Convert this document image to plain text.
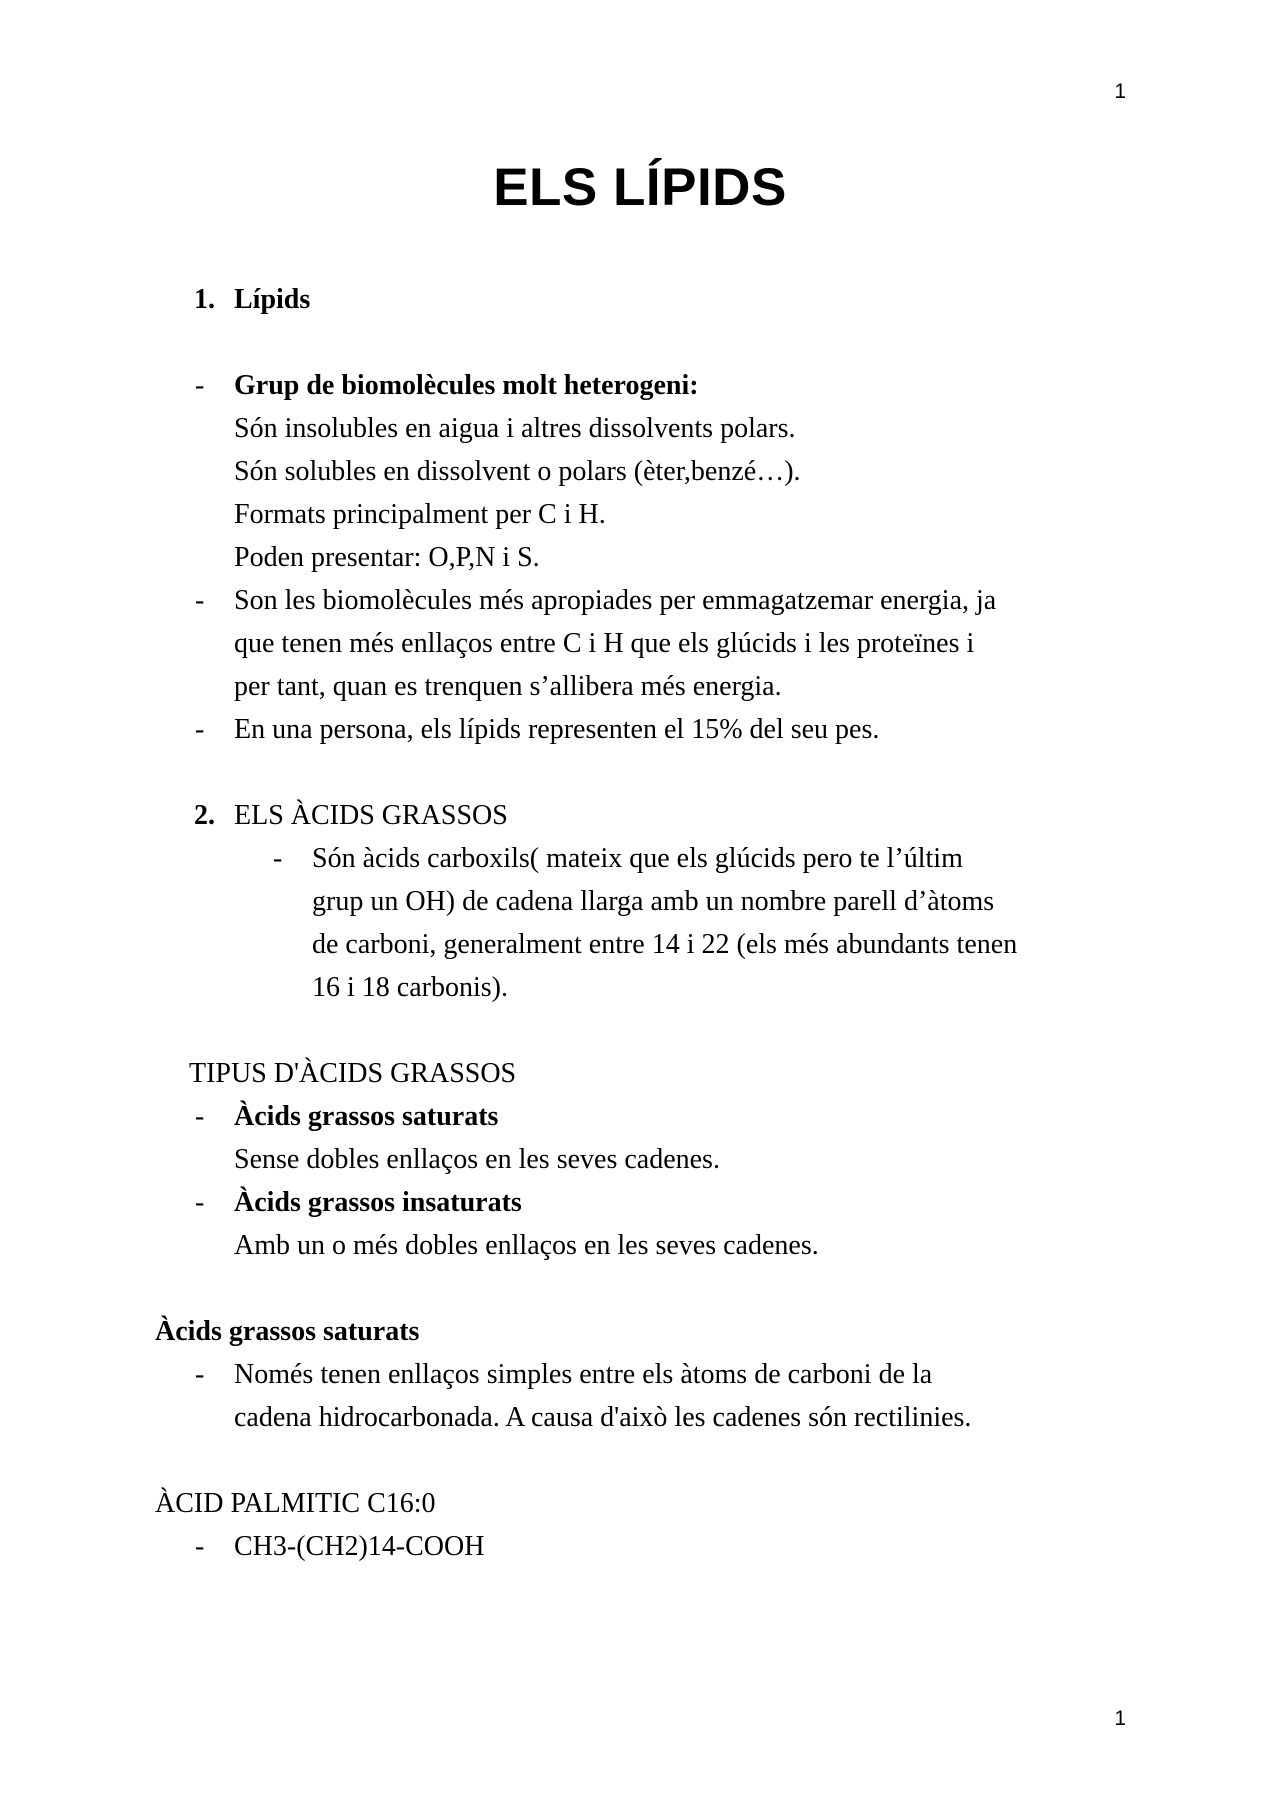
1
ELS LÍPIDS
1. Lípids
- Grup de biomolècules molt heterogeni:
Són insolubles en aigua i altres dissolvents polars.
Són solubles en dissolvent o polars (èter,benzé…).
Formats principalment per C i H.
Poden presentar: O,P,N i S.
- Son les biomolècules més apropiades per emmagatzemar energia, ja
que tenen més enllaços entre C i H que els glúcids i les proteïnes i
per tant, quan es trenquen s’allibera més energia.
- En una persona, els lípids representen el 15% del seu pes.
2. ELS ÀCIDS GRASSOS
- Són àcids carboxils( mateix que els glúcids pero te l’últim
grup un OH) de cadena llarga amb un nombre parell d’àtoms
de carboni, generalment entre 14 i 22 (els més abundants tenen
16 i 18 carbonis).
TIPUS D'ÀCIDS GRASSOS
- Àcids grassos saturats
Sense dobles enllaços en les seves cadenes.
- Àcids grassos insaturats
Amb un o més dobles enllaços en les seves cadenes.
Àcids grassos saturats
- Només tenen enllaços simples entre els àtoms de carboni de la
cadena hidrocarbonada. A causa d'això les cadenes són rectilinies.
ÀCID PALMITIC C16:0
- CH3-(CH2)14-COOH
1
